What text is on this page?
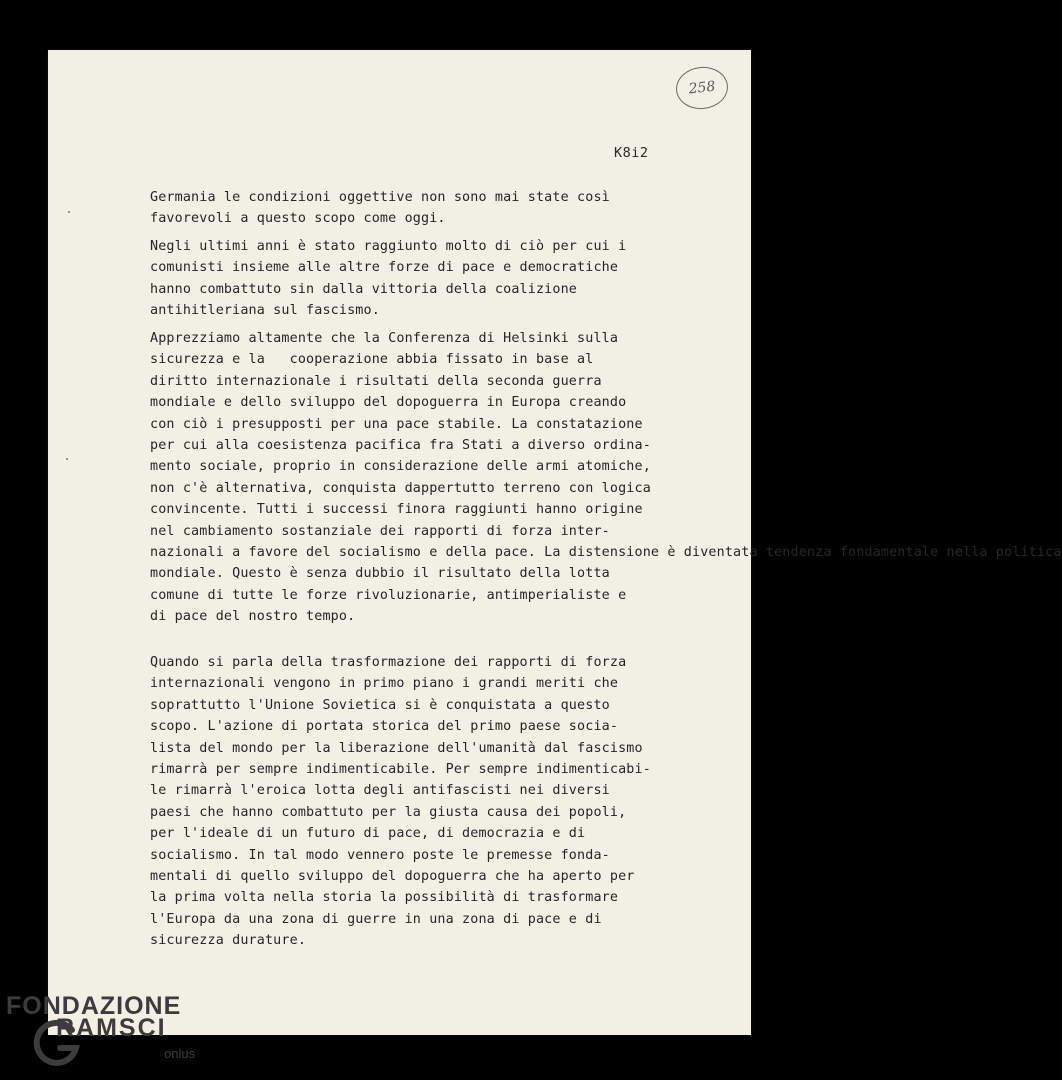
258
K8i2

Germania le condizioni oggettive non sono mai state così
favorevoli a questo scopo come oggi.

Negli ultimi anni è stato raggiunto molto di ciò per cui i
comunisti insieme alle altre forze di pace e democratiche
hanno combattuto sin dalla vittoria della coalizione
antihitleriana sul fascismo.

Apprezziamo altamente che la Conferenza di Helsinki sulla
sicurezza e la   cooperazione abbia fissato in base al
diritto internazionale i risultati della seconda guerra
mondiale e dello sviluppo del dopoguerra in Europa creando
con ciò i presupposti per una pace stabile. La constatazione
per cui alla coesistenza pacifica fra Stati a diverso ordina-
mento sociale, proprio in considerazione delle armi atomiche,
non c'è alternativa, conquista dappertutto terreno con logica
convincente. Tutti i successi finora raggiunti hanno origine
nel cambiamento sostanziale dei rapporti di forza inter-
nazionali a favore del socialismo e della pace. La distensione è  tendenza fondamentale nella politica
mondiale. Questo è senza dubbio il risultato della lotta
comune di tutte le forze rivoluzionarie, antimperialiste e
di pace del nostro tempo.

Quando si parla della trasformazione dei rapporti di forza
internazionali vengono in primo piano i grandi meriti che
soprattutto l'Unione Sovietica si è conquistata a questo
scopo. L'azione di portata storica del primo paese socia-
lista del mondo per la liberazione dell'umanità dal fascismo
rimarrà per sempre indimenticabile. Per sempre indimenticabi-
le rimarrà l'eroica lotta degli antifascisti nei diversi
paesi che hanno combattuto per la giusta causa dei popoli,
per l'ideale di un futuro di pace, di democrazia e di
socialismo. In tal modo vennero poste le premesse fonda-
mentali di quello sviluppo del dopoguerra che ha aperto per
la prima volta nella storia la possibilità di trasformare
l'Europa da una zona di guerre in una zona di pace e di
sicurezza durature.

FONDAZIONE
RAMSCI
onlus
